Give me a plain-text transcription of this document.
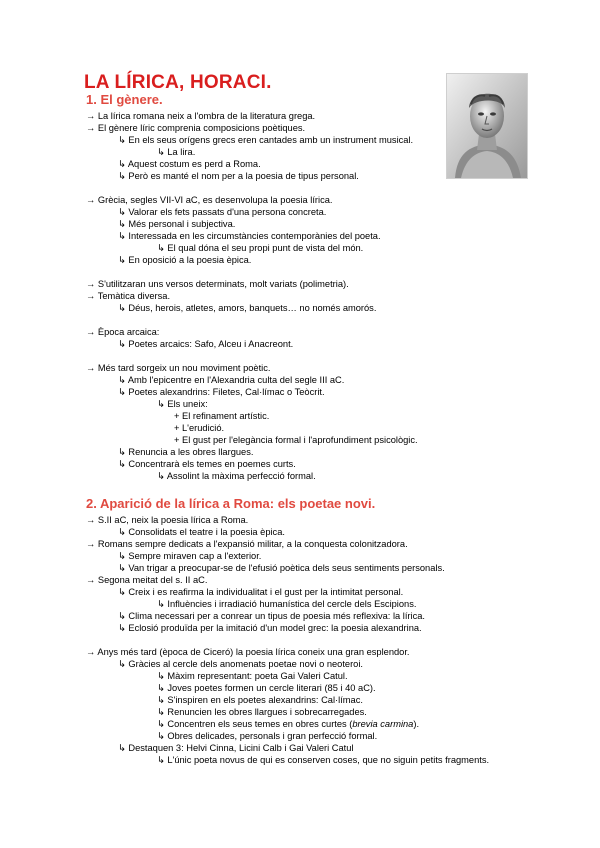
LA LÍRICA, HORACI.
1. El gènere.
→ La lírica romana neix a l'ombra de la literatura grega.
→ El gènere líric comprenia composicions poètiques.
↳ En els seus orígens grecs eren cantades amb un instrument musical.
↳ La lira.
↳ Aquest costum es perd a Roma.
↳ Però es manté el nom per a la poesia de tipus personal.
→ Grècia, segles VII-VI aC, es desenvolupa la poesia lírica.
↳ Valorar els fets passats d'una persona concreta.
↳ Més personal i subjectiva.
↳ Interessada en les circumstàncies contemporànies del poeta.
↳ El qual dóna el seu propi punt de vista del món.
↳ En oposició a la poesia èpica.
→ S'utilitzaran uns versos determinats, molt variats (polimetria).
→ Temàtica diversa.
↳ Déus, herois, atletes, amors, banquets… no només amorós.
→ Època arcaica:
↳ Poetes arcaics: Safo, Alceu i Anacreont.
→ Més tard sorgeix un nou moviment poètic.
↳ Amb l'epicentre en l'Alexandria culta del segle III aC.
↳ Poetes alexandrins: Filetes, Cal·límac o Teòcrit.
↳ Els uneix:
+ El refinament artístic.
+ L'erudició.
+ El gust per l'elegància formal i l'aprofundiment psicològic.
↳ Renuncia a les obres llargues.
↳ Concentrarà els temes en poemes curts.
↳ Assolint la màxima perfecció formal.
2. Aparició de la lírica a Roma: els poetae novi.
→ S.II aC, neix la poesia lírica a Roma.
↳ Consolidats el teatre i la poesia èpica.
→ Romans sempre dedicats a l'expansió militar, a la conquesta colonitzadora.
↳ Sempre miraven cap a l'exterior.
↳ Van trigar a preocupar-se de l'efusió poètica dels seus sentiments personals.
→ Segona meitat del s. II aC.
↳ Creix i es reafirma la individualitat i el gust per la intimitat personal.
↳ Influències i irradiació humanística del cercle dels Escipions.
↳ Clima necessari per a conrear un tipus de poesia més reflexiva: la lírica.
↳ Eclosió produïda per la imitació d'un model grec: la poesia alexandrina.
→ Anys més tard (època de Ciceró) la poesia lírica coneix una gran esplendor.
↳ Gràcies al cercle dels anomenats poetae novi o neoteroi.
↳ Màxim representant: poeta Gai Valeri Catul.
↳ Joves poetes formen un cercle literari (85 i 40 aC).
↳ S'inspiren en els poetes alexandrins: Cal·límac.
↳ Renuncien les obres llargues i sobrecarregades.
↳ Concentren els seus temes en obres curtes (brevia carmina).
↳ Obres delicades, personals i gran perfecció formal.
↳ Destaquen 3: Helvi Cinna, Licini Calb i Gai Valeri Catul
↳ L'únic poeta novus de qui es conserven coses, que no siguin petits fragments.
